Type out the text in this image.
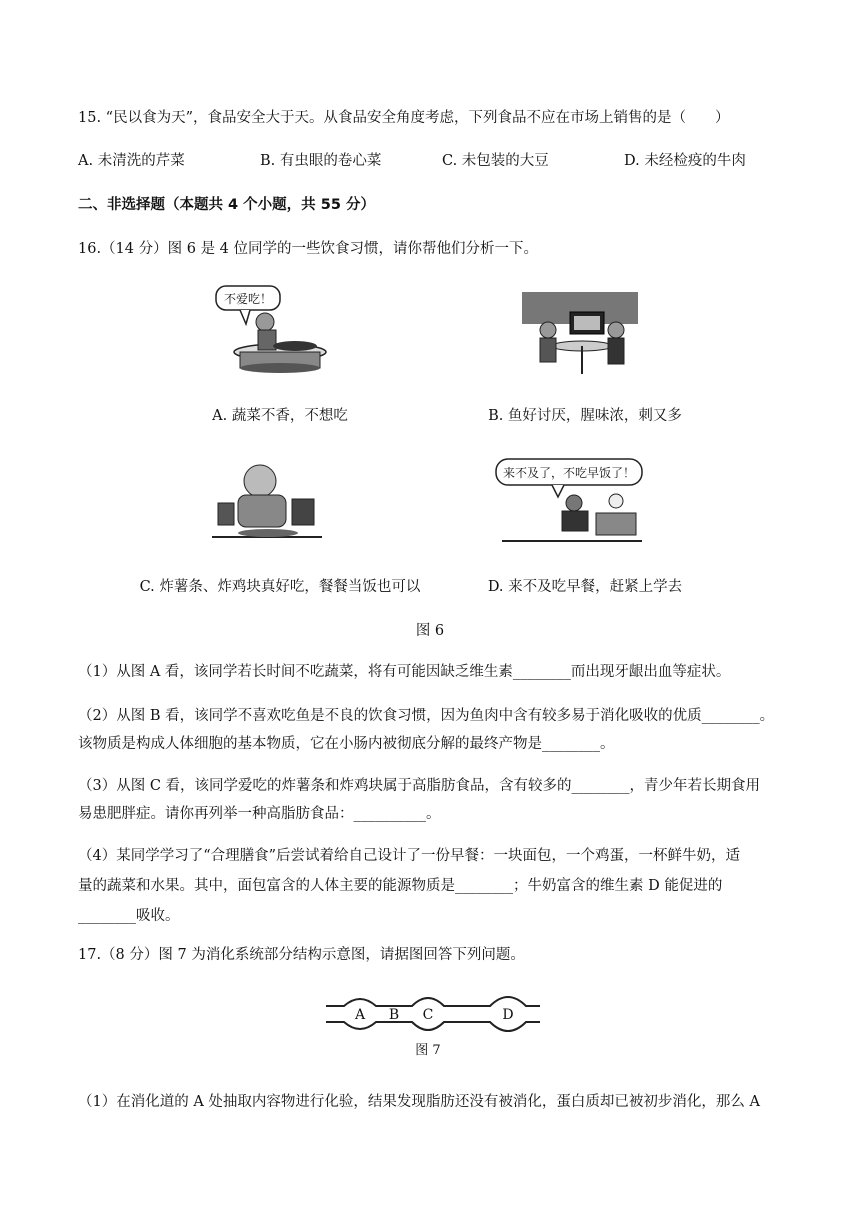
15. “民以食为天”，食品安全大于天。从食品安全角度考虑，下列食品不应在市场上销售的是（　　）
A. 未清洗的芹菜	B. 有虫眼的卷心菜	C. 未包装的大豆	D. 未经检疫的牛肉
二、非选择题（本题共 4 个小题，共 55 分）
16.（14 分）图 6 是 4 位同学的一些饮食习惯，请你帮他们分析一下。
不爱吃！
A. 蔬菜不香，不想吃	B. 鱼好讨厌，腥味浓，刺又多
来不及了，不吃早饭了！
C. 炸薯条、炸鸡块真好吃，餐餐当饭也可以	D. 来不及吃早餐，赶紧上学去
图 6
（1）从图 A 看，该同学若长时间不吃蔬菜，将有可能因缺乏维生素________而出现牙龈出血等症状。
（2）从图 B 看，该同学不喜欢吃鱼是不良的饮食习惯，因为鱼肉中含有较多易于消化吸收的优质________。
该物质是构成人体细胞的基本物质，它在小肠内被彻底分解的最终产物是________。
（3）从图 C 看，该同学爱吃的炸薯条和炸鸡块属于高脂肪食品，含有较多的________，青少年若长期食用
易患肥胖症。请你再列举一种高脂肪食品：__________。
（4）某同学学习了“合理膳食”后尝试着给自己设计了一份早餐：一块面包，一个鸡蛋，一杯鲜牛奶，适
量的蔬菜和水果。其中，面包富含的人体主要的能源物质是________；牛奶富含的维生素 D 能促进的
________吸收。
17.（8 分）图 7 为消化系统部分结构示意图，请据图回答下列问题。
A B C	D
图 7
（1）在消化道的 A 处抽取内容物进行化验，结果发现脂肪还没有被消化，蛋白质却已被初步消化，那么 A
